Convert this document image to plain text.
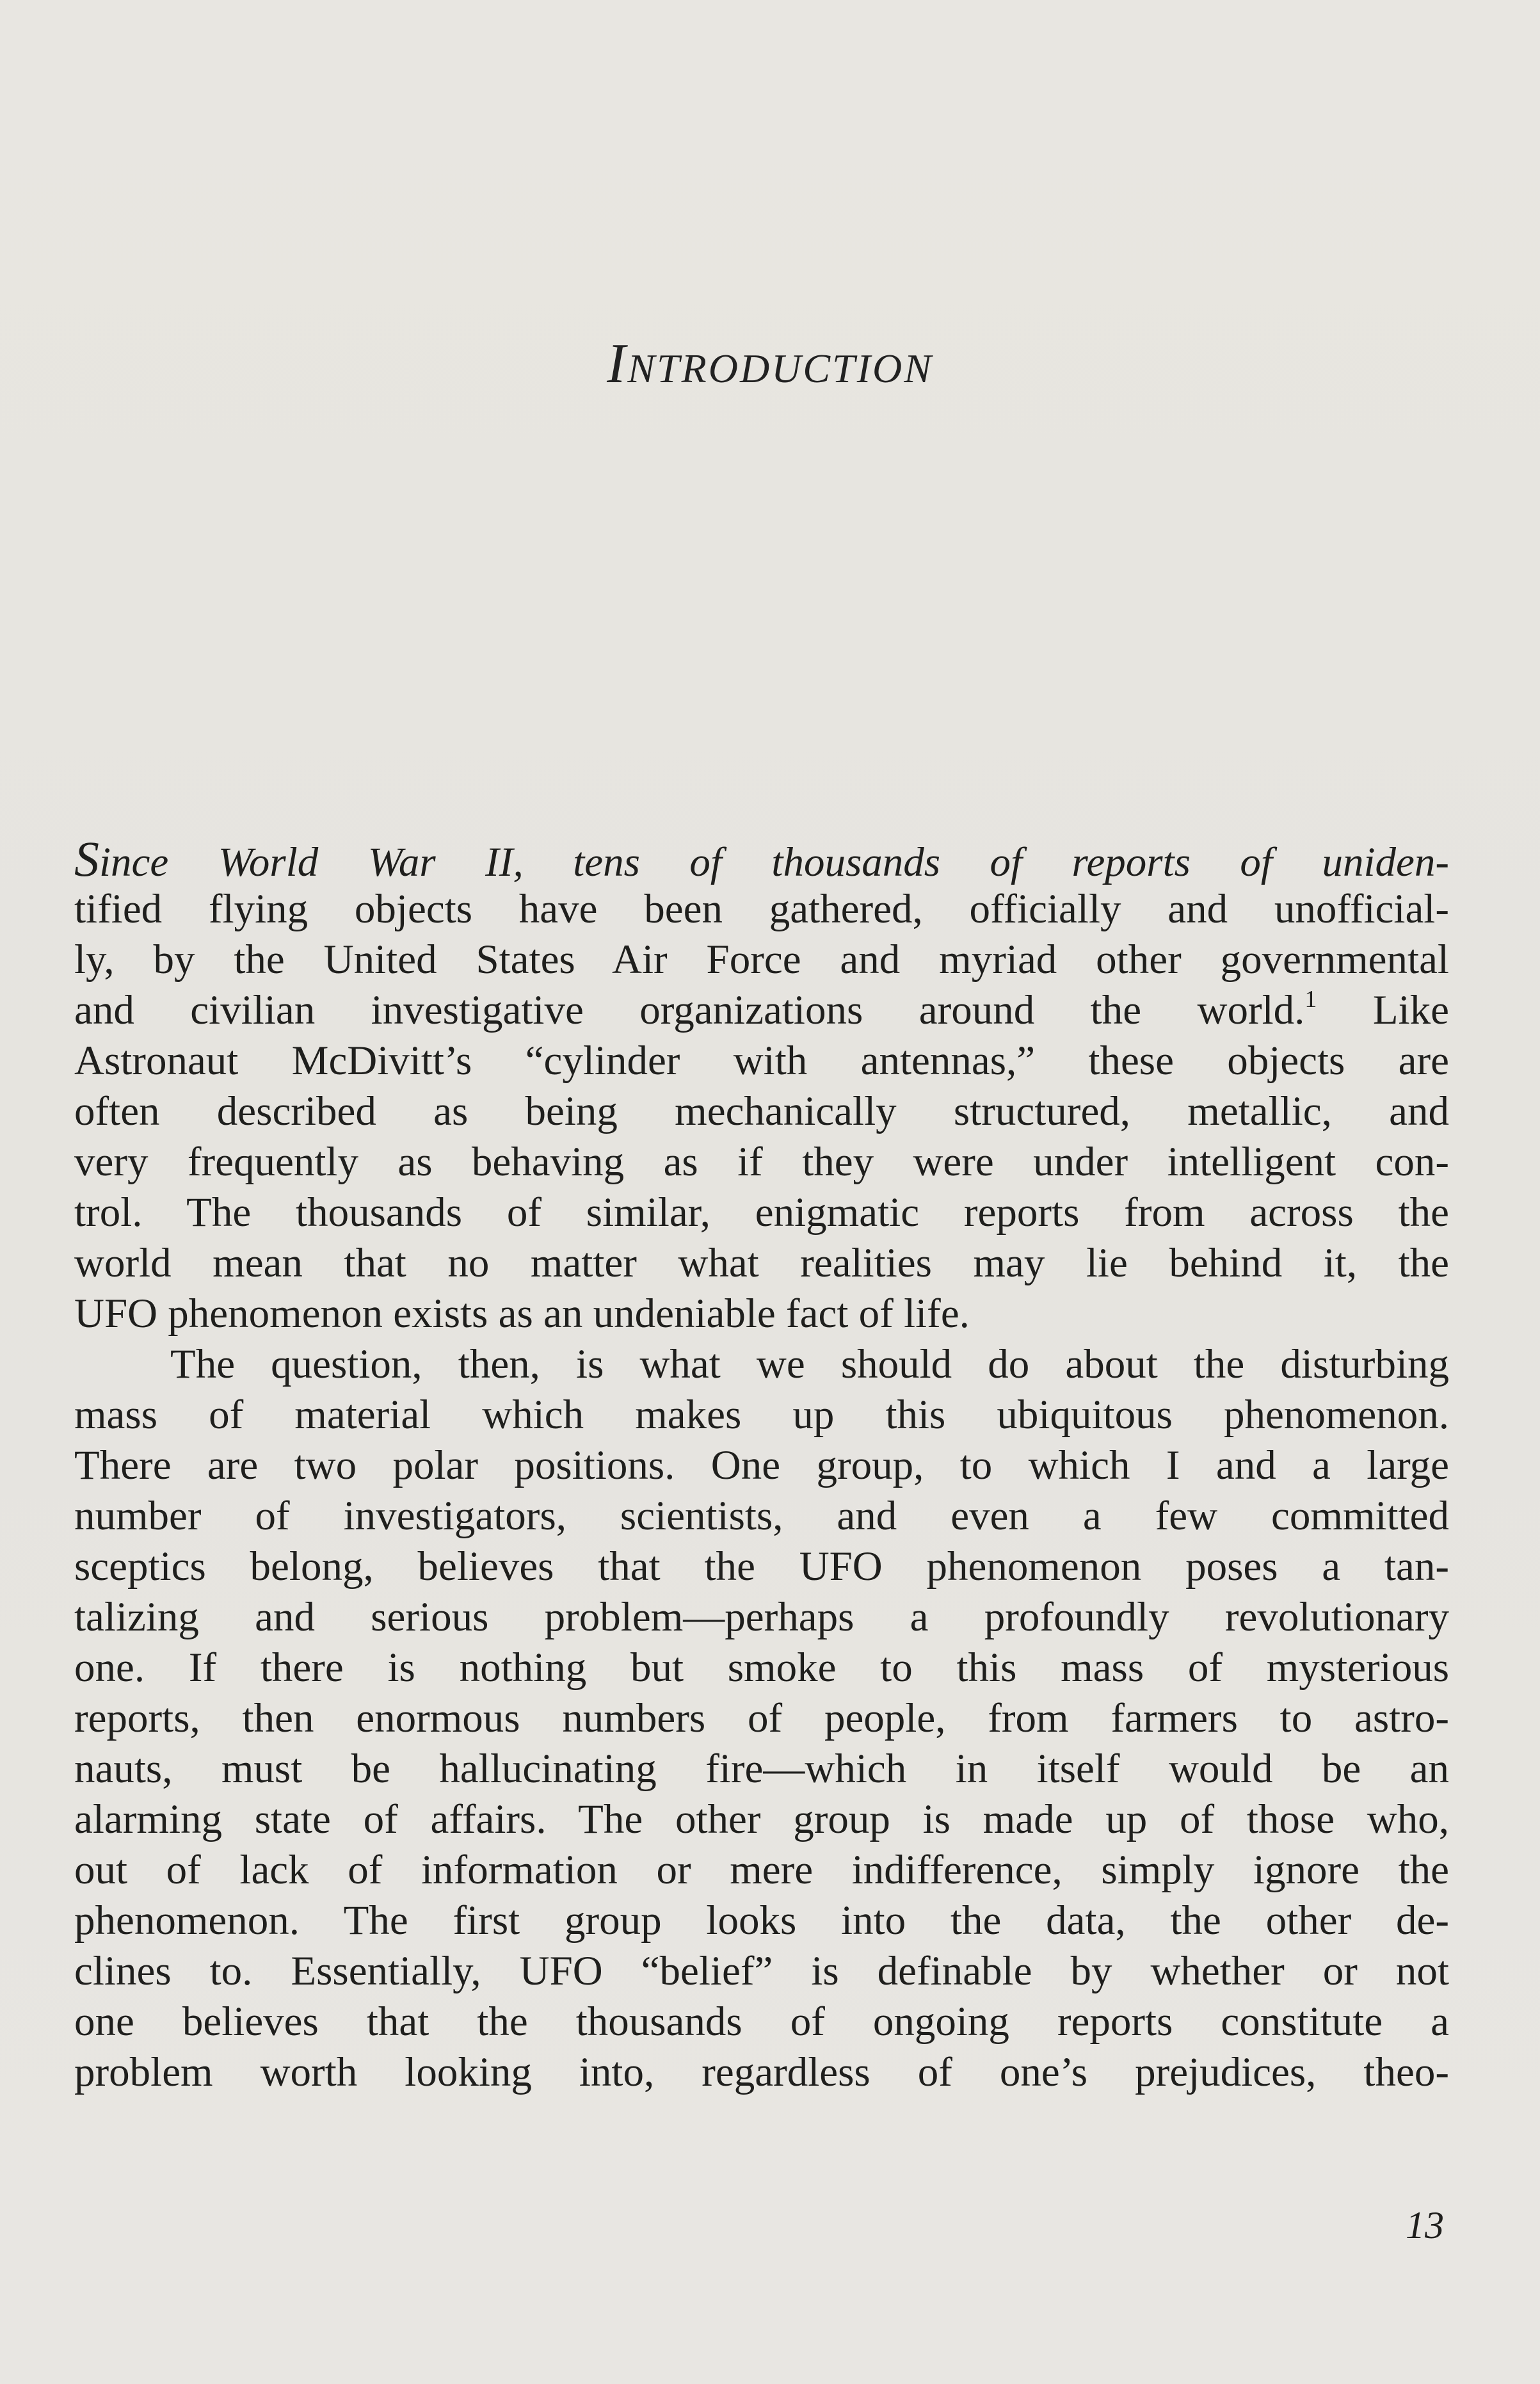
INTRODUCTION
Since World War II, tens of thousands of reports of uniden-
tified flying objects have been gathered, officially and unofficial-
ly, by the United States Air Force and myriad other governmental
and civilian investigative organizations around the world.$^1$ Like
Astronaut McDivitt’s “cylinder with antennas,” these objects are
often described as being mechanically structured, metallic, and
very frequently as behaving as if they were under intelligent con-
trol. The thousands of similar, enigmatic reports from across the
world mean that no matter what realities may lie behind it, the
UFO phenomenon exists as an undeniable fact of life.
The question, then, is what we should do about the disturbing
mass of material which makes up this ubiquitous phenomenon.
There are two polar positions. One group, to which I and a large
number of investigators, scientists, and even a few committed
sceptics belong, believes that the UFO phenomenon poses a tan-
talizing and serious problem—perhaps a profoundly revolutionary
one. If there is nothing but smoke to this mass of mysterious
reports, then enormous numbers of people, from farmers to astro-
nauts, must be hallucinating fire—which in itself would be an
alarming state of affairs. The other group is made up of those who,
out of lack of information or mere indifference, simply ignore the
phenomenon. The first group looks into the data, the other de-
clines to. Essentially, UFO “belief” is definable by whether or not
one believes that the thousands of ongoing reports constitute a
problem worth looking into, regardless of one’s prejudices, theo-
13
